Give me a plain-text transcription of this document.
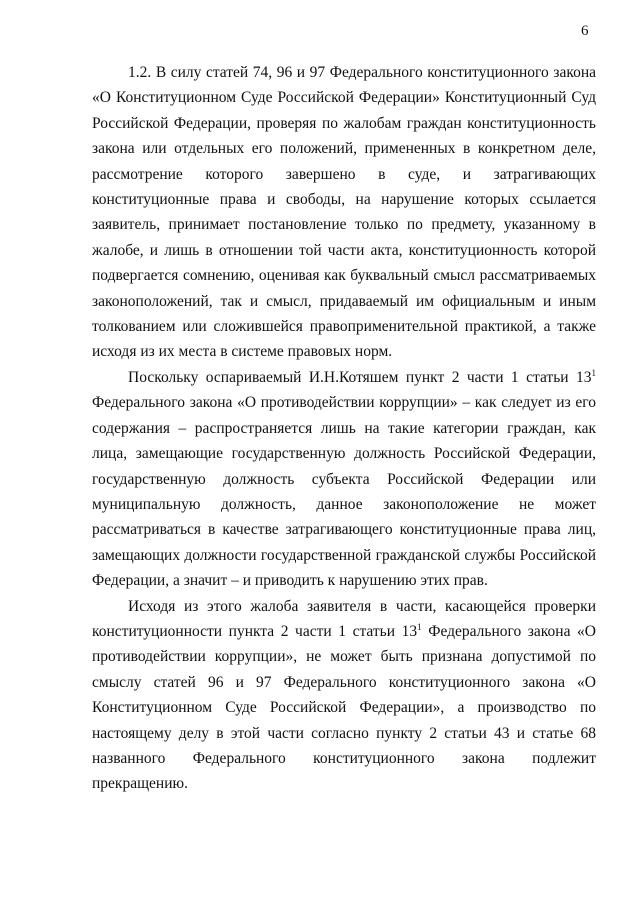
6

1.2. В силу статей 74, 96 и 97 Федерального конституционного закона «О Конституционном Суде Российской Федерации» Конституционный Суд Российской Федерации, проверяя по жалобам граждан конституционность закона или отдельных его положений, примененных в конкретном деле, рассмотрение которого завершено в суде, и затрагивающих конституционные права и свободы, на нарушение которых ссылается заявитель, принимает постановление только по предмету, указанному в жалобе, и лишь в отношении той части акта, конституционность которой подвергается сомнению, оценивая как буквальный смысл рассматриваемых законоположений, так и смысл, придаваемый им официальным и иным толкованием или сложившейся правоприменительной практикой, а также исходя из их места в системе правовых норм.

Поскольку оспариваемый И.Н.Котяшем пункт 2 части 1 статьи 13$^1$ Федерального закона «О противодействии коррупции» – как следует из его содержания – распространяется лишь на такие категории граждан, как лица, замещающие государственную должность Российской Федерации, государственную должность субъекта Российской Федерации или муниципальную должность, данное законоположение не может рассматриваться в качестве затрагивающего конституционные права лиц, замещающих должности государственной гражданской службы Российской Федерации, а значит – и приводить к нарушению этих прав.

Исходя из этого жалоба заявителя в части, касающейся проверки конституционности пункта 2 части 1 статьи 13$^1$ Федерального закона «О противодействии коррупции», не может быть признана допустимой по смыслу статей 96 и 97 Федерального конституционного закона «О Конституционном Суде Российской Федерации», а производство по настоящему делу в этой части согласно пункту 2 статьи 43 и статье 68 названного Федерального конституционного закона подлежит прекращению.
